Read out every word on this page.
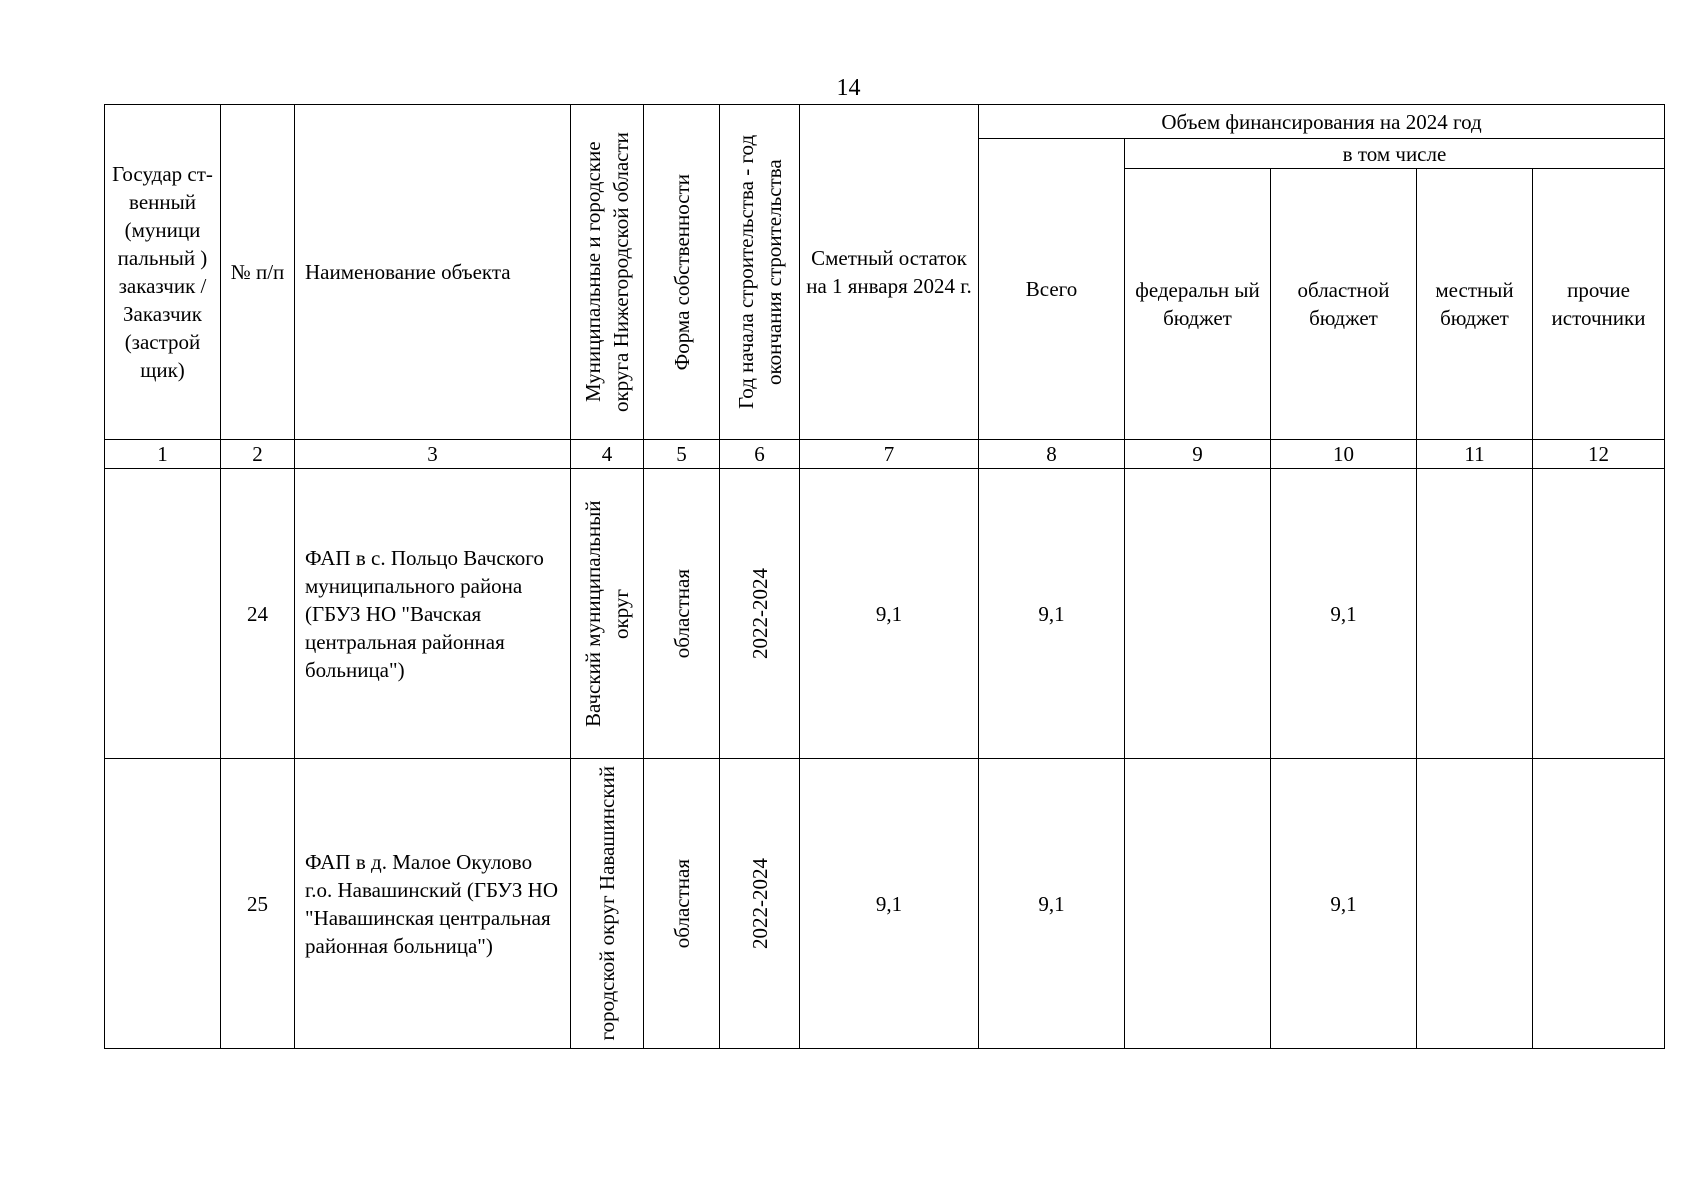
14
Государ ст-венный (муници пальный ) заказчик / Заказчик (застрой щик)	№ п/п	Наименование объекта	Муниципальные и городские округа Нижегородской области	Форма собственности	Год начала строительства - год окончания строительства	Сметный остаток на 1 января 2024 г.	Объем финансирования на 2024 год				
							Всего	в том числе			

								федеральн ый бюджет	областной бюджет	местный бюджет	прочие источники

1	2	3	4	5	6	7	8	9	10	11	12
	24	ФАП в с. Польцо Вачского муниципального района (ГБУЗ НО "Вачская центральная районная больница")	Вачский муниципальный округ	областная	2022-2024	9,1	9,1		9,1		
	25	ФАП в д. Малое Окулово г.о. Навашинский (ГБУЗ НО "Навашинская центральная районная больница")	городской округ Навашинский	областная	2022-2024	9,1	9,1		9,1		
